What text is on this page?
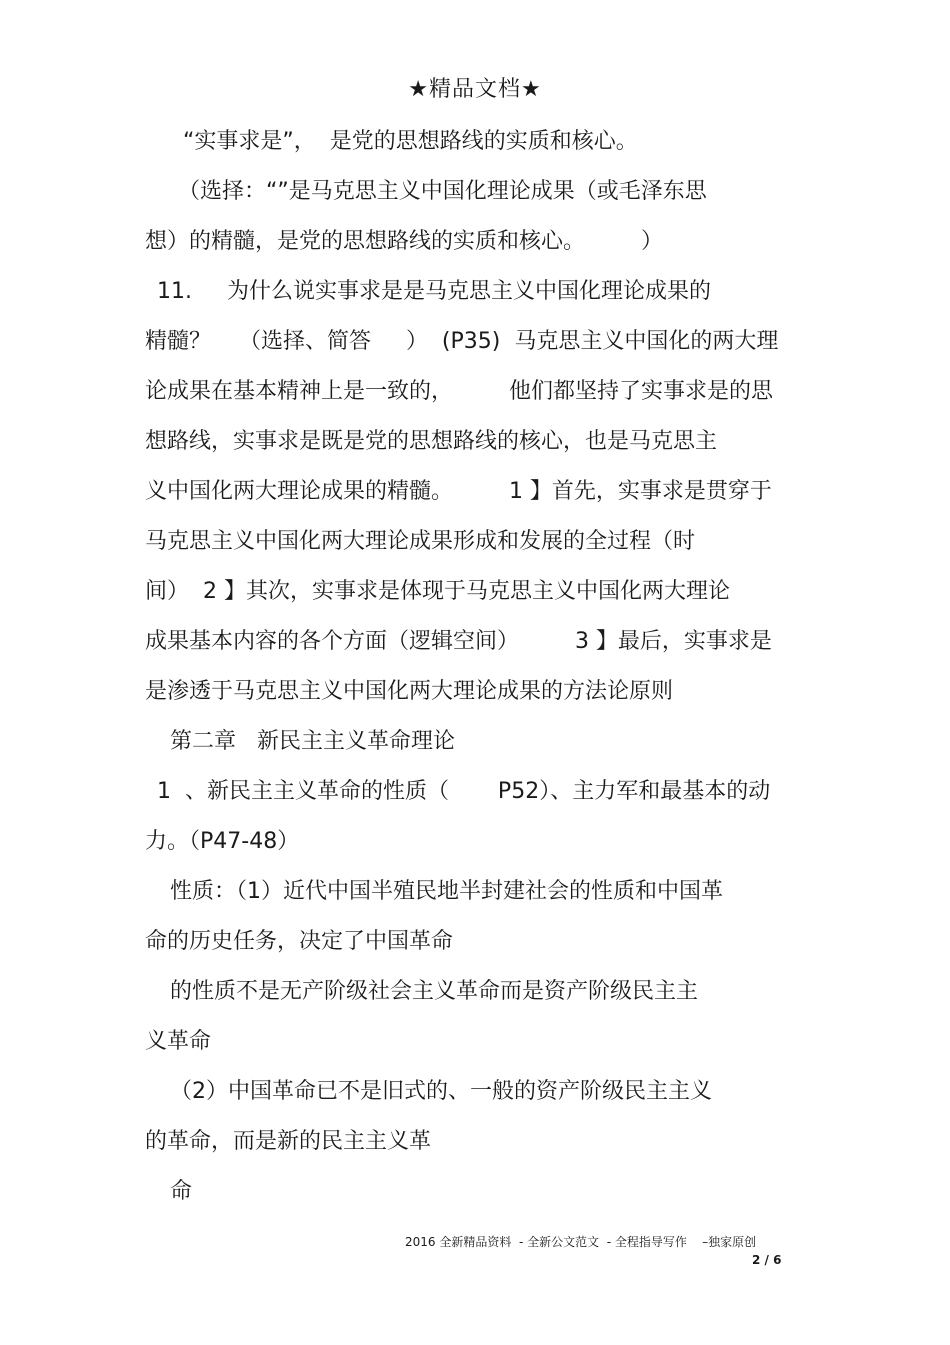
★精品文档★
“实事求是”，  是党的思想路线的实质和核心。
（选择：“”是马克思主义中国化理论成果（或毛泽东思
想）的精髓，是党的思想路线的实质和核心。        ）
11.     为什么说实事求是是马克思主义中国化理论成果的
精髓？    （选择、简答     ）  (P35)  马克思主义中国化的两大理
论成果在基本精神上是一致的，        他们都坚持了实事求是的思
想路线，实事求是既是党的思想路线的核心，也是马克思主
义中国化两大理论成果的精髓。        1 】首先，实事求是贯穿于
马克思主义中国化两大理论成果形成和发展的全过程（时
间）  2 】其次，实事求是体现于马克思主义中国化两大理论
成果基本内容的各个方面（逻辑空间）        3 】最后，实事求是
是渗透于马克思主义中国化两大理论成果的方法论原则
第二章   新民主主义革命理论
1  、新民主主义革命的性质（       P52）、主力军和最基本的动
力。（P47-48）
性质：（1）近代中国半殖民地半封建社会的性质和中国革
命的历史任务，决定了中国革命
的性质不是无产阶级社会主义革命而是资产阶级民主主
义革命
（2）中国革命已不是旧式的、一般的资产阶级民主主义
的革命，而是新的民主主义革
命
2016 全新精品资料  - 全新公文范文  - 全程指导写作    –独家原创
2 / 6
